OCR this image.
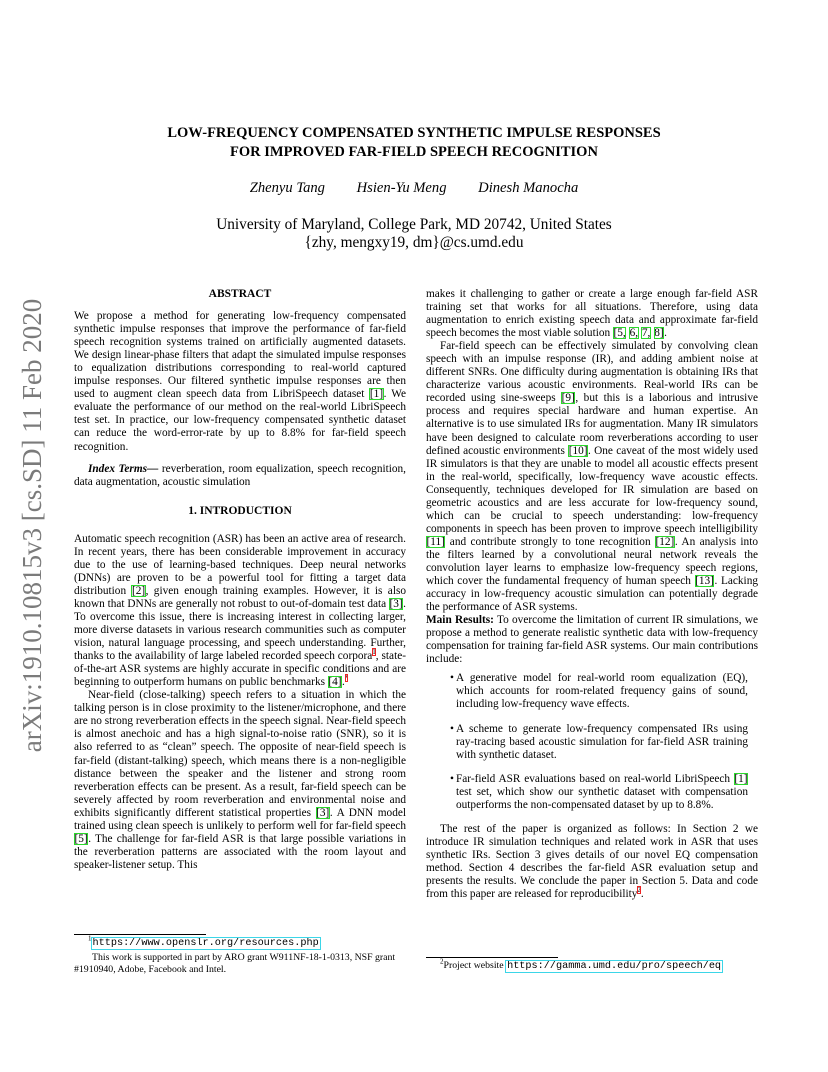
arXiv:1910.10815v3 [cs.SD] 11 Feb 2020
LOW-FREQUENCY COMPENSATED SYNTHETIC IMPULSE RESPONSES
FOR IMPROVED FAR-FIELD SPEECH RECOGNITION
Zhenyu Tang Hsien-Yu Meng Dinesh Manocha
University of Maryland, College Park, MD 20742, United States
{zhy, mengxy19, dm}@cs.umd.edu
ABSTRACT

We propose a method for generating low-frequency compensated synthetic impulse responses that improve the performance of far-field speech recognition systems trained on artificially augmented datasets. We design linear-phase filters that adapt the simulated impulse responses to equalization distributions corresponding to real-world captured impulse responses. Our filtered synthetic impulse responses are then used to augment clean speech data from LibriSpeech dataset [1]. We evaluate the performance of our method on the real-world LibriSpeech test set. In practice, our low-frequency compensated synthetic dataset can reduce the word-error-rate by up to 8.8% for far-field speech recognition.

Index Terms— reverberation, room equalization, speech recognition, data augmentation, acoustic simulation

1. INTRODUCTION

Automatic speech recognition (ASR) has been an active area of research. In recent years, there has been considerable improvement in accuracy due to the use of learning-based techniques. Deep neural networks (DNNs) are proven to be a powerful tool for fitting a target data distribution [2], given enough training examples. However, it is also known that DNNs are generally not robust to out-of-domain test data [3]. To overcome this issue, there is increasing interest in collecting larger, more diverse datasets in various research communities such as computer vision, natural language processing, and speech understanding. Further, thanks to the availability of large labeled recorded speech corpora$^1$, state-of-the-art ASR systems are highly accurate in specific conditions and are beginning to outperform humans on public benchmarks [4].*

Near-field (close-talking) speech refers to a situation in which the talking person is in close proximity to the listener/microphone, and there are no strong reverberation effects in the speech signal. Near-field speech is almost anechoic and has a high signal-to-noise ratio (SNR), so it is also referred to as “clean” speech. The opposite of near-field speech is far-field (distant-talking) speech, which means there is a non-negligible distance between the speaker and the listener and strong room reverberation effects can be present. As a result, far-field speech can be severely affected by room reverberation and environmental noise and exhibits significantly different statistical properties [3]. A DNN model trained using clean speech is unlikely to perform well for far-field speech [5]. The challenge for far-field ASR is that large possible variations in the reverberation patterns are associated with the room layout and speaker-listener setup. This

makes it challenging to gather or create a large enough far-field ASR training set that works for all situations. Therefore, using data augmentation to enrich existing speech data and approximate far-field speech becomes the most viable solution [5, 6, 7, 8].

Far-field speech can be effectively simulated by convolving clean speech with an impulse response (IR), and adding ambient noise at different SNRs. One difficulty during augmentation is obtaining IRs that characterize various acoustic environments. Real-world IRs can be recorded using sine-sweeps [9], but this is a laborious and intrusive process and requires special hardware and human expertise. An alternative is to use simulated IRs for augmentation. Many IR simulators have been designed to calculate room reverberations according to user defined acoustic environments [10]. One caveat of the most widely used IR simulators is that they are unable to model all acoustic effects present in the real-world, specifically, low-frequency wave acoustic effects. Consequently, techniques developed for IR simulation are based on geometric acoustics and are less accurate for low-frequency sound, which can be crucial to speech understanding: low-frequency components in speech has been proven to improve speech intelligibility [11] and contribute strongly to tone recognition [12]. An analysis into the filters learned by a convolutional neural network reveals the convolution layer learns to emphasize low-frequency speech regions, which cover the fundamental frequency of human speech [13]. Lacking accuracy in low-frequency acoustic simulation can potentially degrade the performance of ASR systems.

Main Results: To overcome the limitation of current IR simulations, we propose a method to generate realistic synthetic data with low-frequency compensation for training far-field ASR systems. Our main contributions include:

• A generative model for real-world room equalization (EQ), which accounts for room-related frequency gains of sound, including low-frequency wave effects.
• A scheme to generate low-frequency compensated IRs using ray-tracing based acoustic simulation for far-field ASR training with synthetic dataset.
• Far-field ASR evaluations based on real-world LibriSpeech [1] test set, which show our synthetic dataset with compensation outperforms the non-compensated dataset by up to 8.8%.

The rest of the paper is organized as follows: In Section 2 we introduce IR simulation techniques and related work in ASR that uses synthetic IRs. Section 3 gives details of our novel EQ compensation method. Section 4 describes the far-field ASR evaluation setup and presents the results. We conclude the paper in Section 5. Data and code from this paper are released for reproducibility$^2$.

$^1$https://www.openslr.org/resources.php
This work is supported in part by ARO grant W911NF-18-1-0313, NSF grant #1910940, Adobe, Facebook and Intel.
$^2$Project website https://gamma.umd.edu/pro/speech/eq
